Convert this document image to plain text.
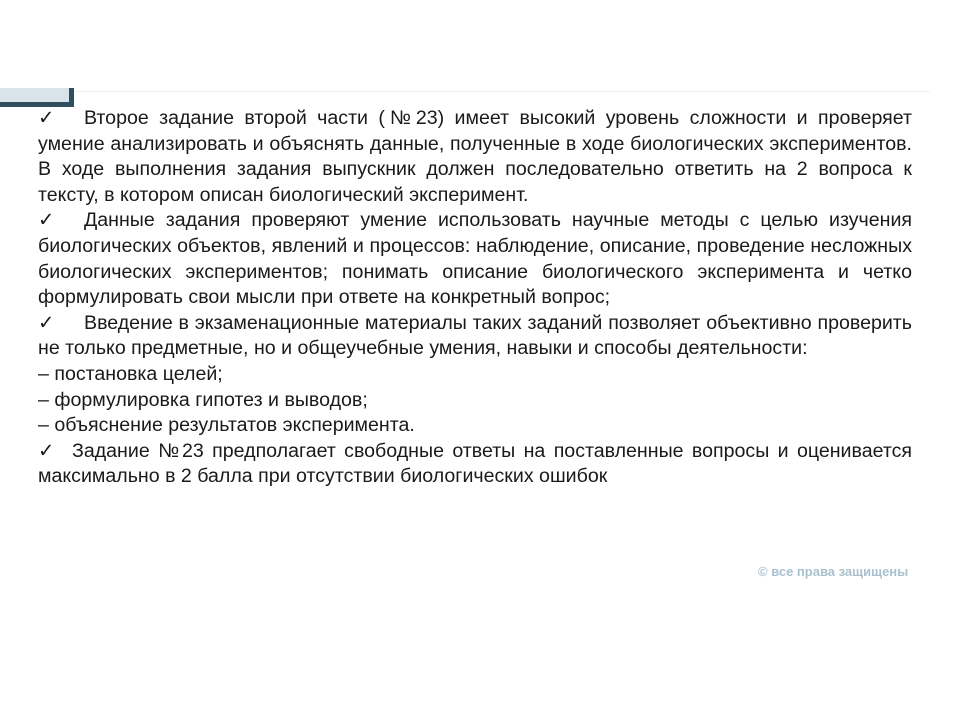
✓ Второе задание второй части (№23) имеет высокий уровень сложности и проверяет умение анализировать и объяснять данные, полученные в ходе биологических экспериментов. В ходе выполнения задания выпускник должен последовательно ответить на 2 вопроса к тексту, в котором описан биологический эксперимент.

✓ Данные задания проверяют умение использовать научные методы с целью изучения биологических объектов, явлений и процессов: наблюдение, описание, проведение несложных биологических экспериментов; понимать описание биологического эксперимента и четко формулировать свои мысли при ответе на конкретный вопрос;

✓ Введение в экзаменационные материалы таких заданий позволяет объективно проверить не только предметные, но и общеучебные умения, навыки и способы деятельности:

– постановка целей;

– формулировка гипотез и выводов;

– объяснение результатов эксперимента.

✓ Задание №23 предполагает свободные ответы на поставленные вопросы и оценивается максимально в 2 балла при отсутствии биологических ошибок

© все права защищены
